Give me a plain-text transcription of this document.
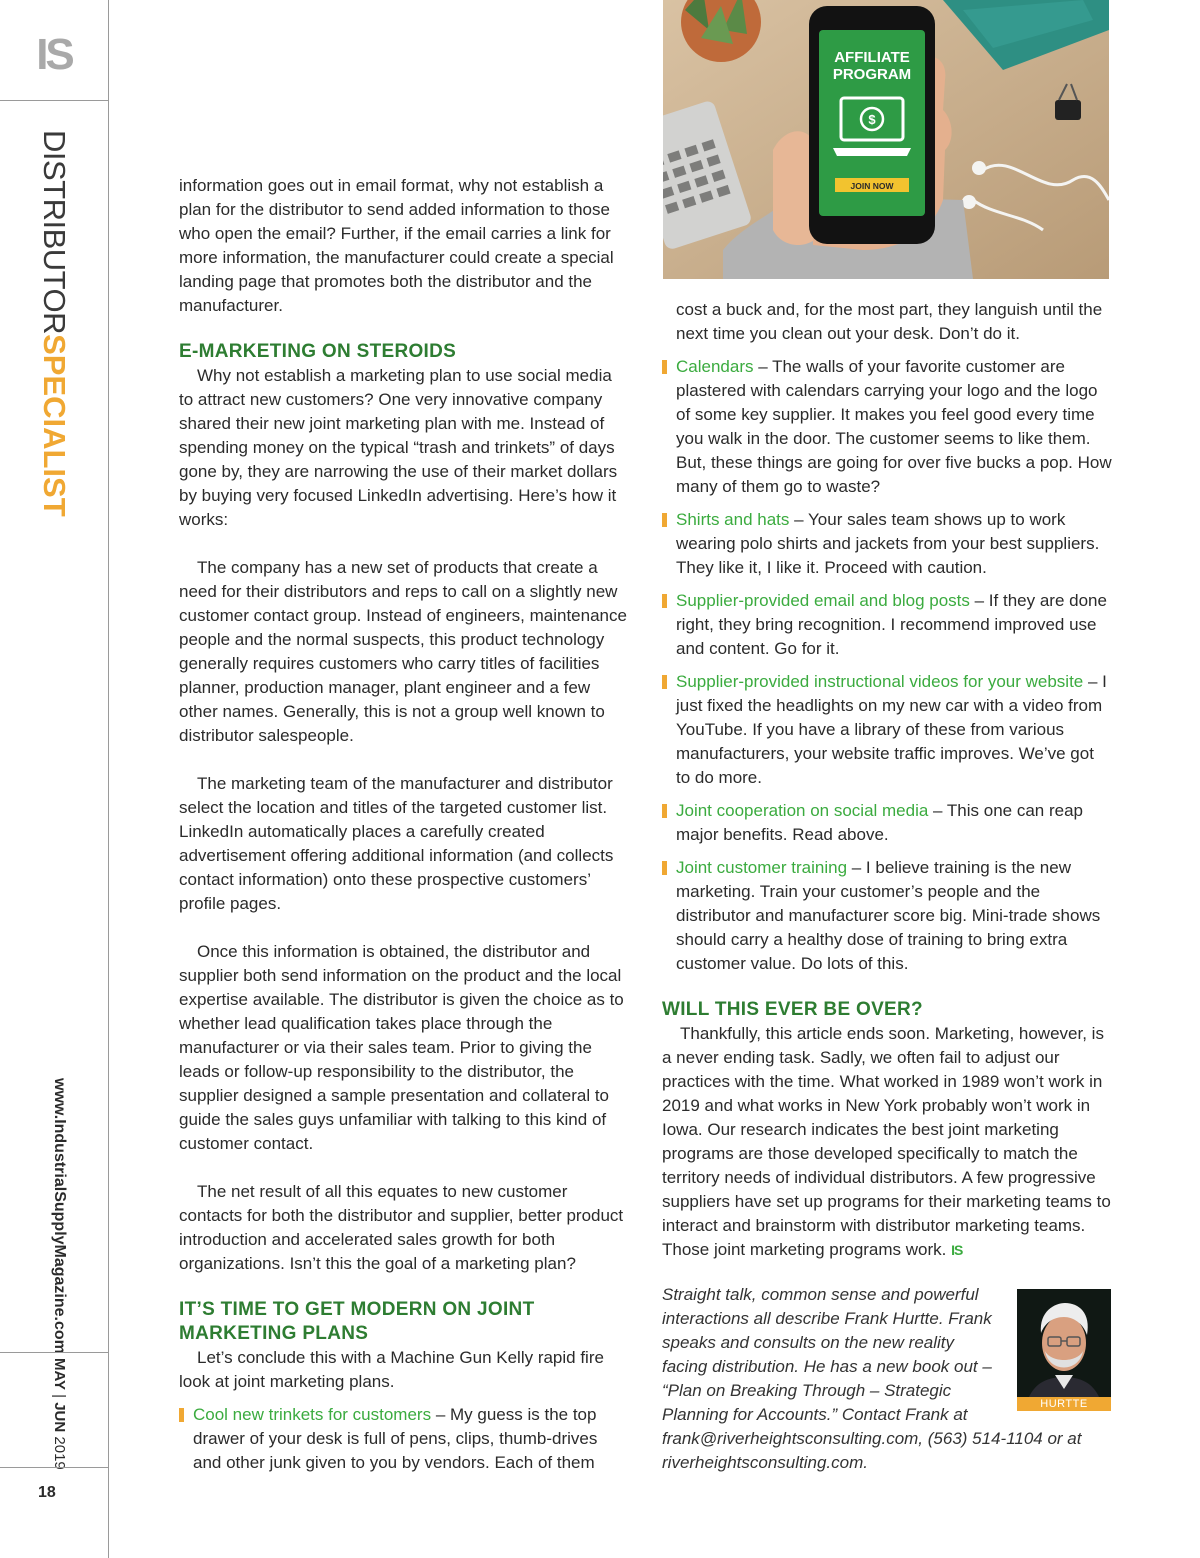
IS
DISTRIBUTORSPECIALIST
www.IndustrialSupplyMagazine.com
MAY | JUN 2019
18
AFFILIATE
PROGRAM
$
JOIN NOW

information goes out in email format, why not establish a plan for the distributor to send added information to those who open the email? Further, if the email carries a link for more information, the manufacturer could create a special landing page that promotes both the distributor and the manufacturer.

E-MARKETING ON STEROIDS

Why not establish a marketing plan to use social media to attract new customers? One very innovative company shared their new joint marketing plan with me. Instead of spending money on the typical “trash and trinkets” of days gone by, they are narrowing the use of their market dollars by buying very focused LinkedIn advertising. Here’s how it works:

The company has a new set of products that create a need for their distributors and reps to call on a slightly new customer contact group. Instead of engineers, maintenance people and the normal suspects, this product technology generally requires customers who carry titles of facilities planner, production manager, plant engineer and a few other names. Generally, this is not a group well known to distributor salespeople.

The marketing team of the manufacturer and distributor select the location and titles of the targeted customer list. LinkedIn automatically places a carefully created advertisement offering additional information (and collects contact information) onto these prospective customers’ profile pages.

Once this information is obtained, the distributor and supplier both send information on the product and the local expertise available. The distributor is given the choice as to whether lead qualification takes place through the manufacturer or via their sales team. Prior to giving the leads or follow-up responsibility to the distributor, the supplier designed a sample presentation and collateral to guide the sales guys unfamiliar with talking to this kind of customer contact.

The net result of all this equates to new customer contacts for both the distributor and supplier, better product introduction and accelerated sales growth for both organizations. Isn’t this the goal of a marketing plan?

IT’S TIME TO GET MODERN ON JOINT MARKETING PLANS

Let’s conclude this with a Machine Gun Kelly rapid fire look at joint marketing plans.

Cool new trinkets for customers – My guess is the top drawer of your desk is full of pens, clips, thumb-drives and other junk given to you by vendors. Each of them

cost a buck and, for the most part, they languish until the next time you clean out your desk. Don’t do it.

Calendars – The walls of your favorite customer are plastered with calendars carrying your logo and the logo of some key supplier. It makes you feel good every time you walk in the door. The customer seems to like them. But, these things are going for over five bucks a pop. How many of them go to waste?

Shirts and hats – Your sales team shows up to work wearing polo shirts and jackets from your best suppliers. They like it, I like it. Proceed with caution.

Supplier-provided email and blog posts – If they are done right, they bring recognition. I recommend improved use and content. Go for it.

Supplier-provided instructional videos for your website – I just fixed the headlights on my new car with a video from YouTube. If you have a library of these from various manufacturers, your website traffic improves. We’ve got to do more.

Joint cooperation on social media – This one can reap major benefits. Read above.

Joint customer training – I believe training is the new marketing. Train your customer’s people and the distributor and manufacturer score big. Mini-trade shows should carry a healthy dose of training to bring extra customer value. Do lots of this.

WILL THIS EVER BE OVER?

Thankfully, this article ends soon. Marketing, however, is a never ending task. Sadly, we often fail to adjust our practices with the time. What worked in 1989 won’t work in 2019 and what works in New York probably won’t work in Iowa. Our research indicates the best joint marketing programs are those developed specifically to match the territory needs of individual distributors. A few progressive suppliers have set up programs for their marketing teams to interact and brainstorm with distributor marketing teams. Those joint marketing programs work. IS

Straight talk, common sense and powerful interactions all describe Frank Hurtte. Frank speaks and consults on the new reality facing distribution. He has a new book out – “Plan on Breaking Through – Strategic Planning for Accounts.” Contact Frank at

frank@riverheightsconsulting.com, (563) 514-1104 or at riverheightsconsulting.com.

HURTTE
